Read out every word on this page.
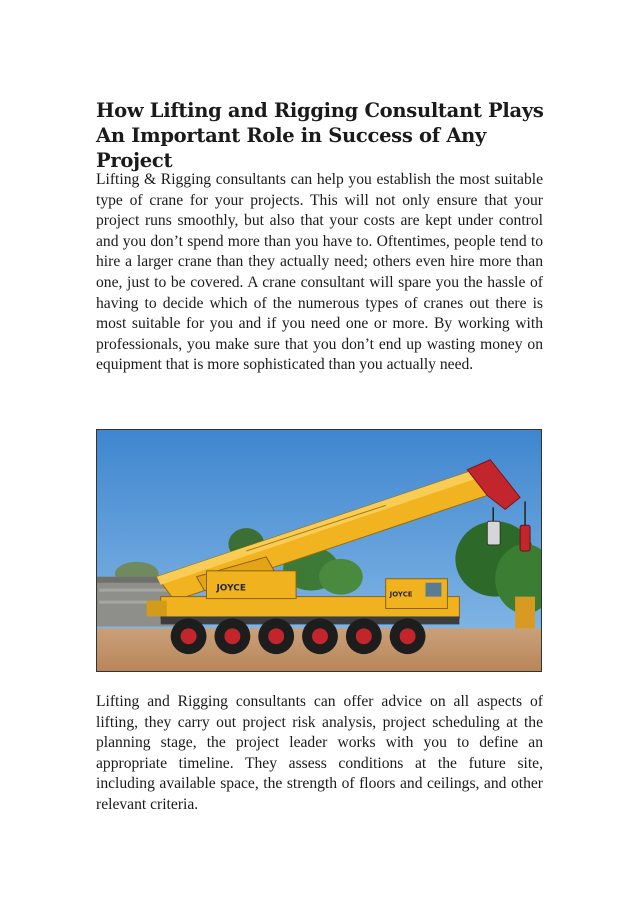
How Lifting and Rigging Consultant Plays An Important Role in Success of Any Project

Lifting & Rigging consultants can help you establish the most suitable type of crane for your projects. This will not only ensure that your project runs smoothly, but also that your costs are kept under control and you don’t spend more than you have to. Oftentimes, people tend to hire a larger crane than they actually need; others even hire more than one, just to be covered. A crane consultant will spare you the hassle of having to decide which of the numerous types of cranes out there is most suitable for you and if you need one or more. By working with professionals, you make sure that you don’t end up wasting money on equipment that is more sophisticated than you actually need.

JOYCE
JOYCE

Lifting and Rigging consultants can offer advice on all aspects of lifting, they carry out project risk analysis, project scheduling at the planning stage, the project leader works with you to define an appropriate timeline. They assess conditions at the future site, including available space, the strength of floors and ceilings, and other relevant criteria.
